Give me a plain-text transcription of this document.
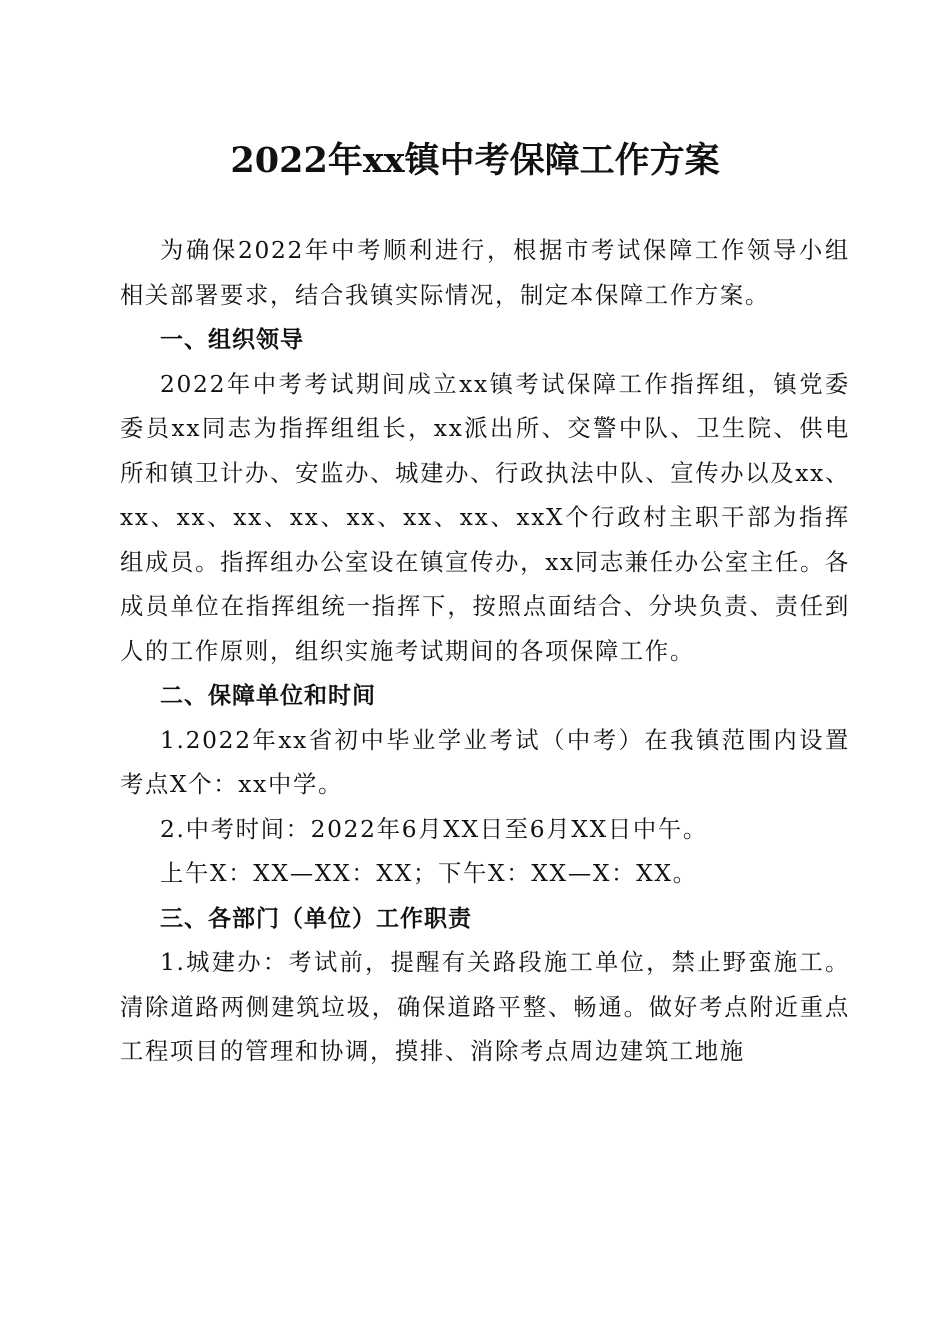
2022年xx镇中考保障工作方案

为确保2022年中考顺利进行，根据市考试保障工作领导小组相关部署要求，结合我镇实际情况，制定本保障工作方案。

一、组织领导

2022年中考考试期间成立xx镇考试保障工作指挥组，镇党委委员xx同志为指挥组组长，xx派出所、交警中队、卫生院、供电所和镇卫计办、安监办、城建办、行政执法中队、宣传办以及xx、xx、xx、xx、xx、xx、xx、xx、xxX个行政村主职干部为指挥组成员。指挥组办公室设在镇宣传办，xx同志兼任办公室主任。各成员单位在指挥组统一指挥下，按照点面结合、分块负责、责任到人的工作原则，组织实施考试期间的各项保障工作。

二、保障单位和时间

1.2022年xx省初中毕业学业考试（中考）在我镇范围内设置考点X个：xx中学。

2.中考时间：2022年6月XX日至6月XX日中午。

上午X：XX—XX：XX；下午X：XX—X：XX。

三、各部门（单位）工作职责

1.城建办：考试前，提醒有关路段施工单位，禁止野蛮施工。清除道路两侧建筑垃圾，确保道路平整、畅通。做好考点附近重点工程项目的管理和协调，摸排、消除考点周边建筑工地施
